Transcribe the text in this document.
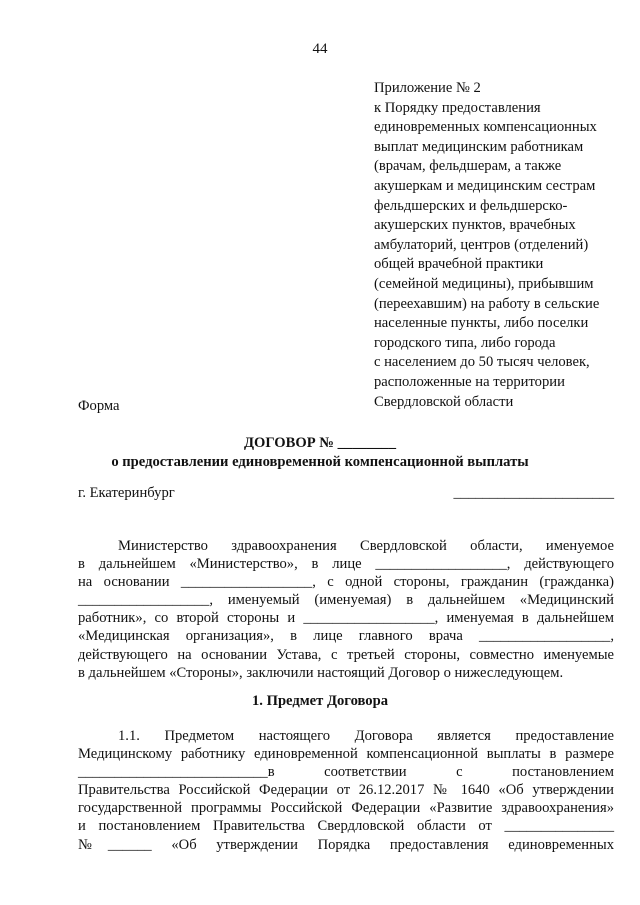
44
Приложение № 2
к Порядку предоставления
единовременных компенсационных
выплат медицинским работникам
(врачам, фельдшерам, а также
акушеркам и медицинским сестрам
фельдшерских и фельдшерско-
акушерских пунктов, врачебных
амбулаторий, центров (отделений)
общей врачебной практики
(семейной медицины), прибывшим
(переехавшим) на работу в сельские
населенные пункты, либо поселки
городского типа, либо города
с населением до 50 тысяч человек,
расположенные на территории
Свердловской области
Форма
ДОГОВОР № ________
о предоставлении единовременной компенсационной выплаты
г. Екатеринбург	______________________
Министерство здравоохранения Свердловской области, именуемое
в дальнейшем «Министерство», в лице __________________, действующего
на основании __________________, с одной стороны, гражданин (гражданка)
__________________, именуемый (именуемая) в дальнейшем «Медицинский
работник», со второй стороны и __________________, именуемая в дальнейшем
«Медицинская организация», в лице главного врача __________________,
действующего на основании Устава, с третьей стороны, совместно именуемые
в дальнейшем «Стороны», заключили настоящий Договор о нижеследующем.
1. Предмет Договора
1.1. Предметом настоящего Договора является предоставление
Медицинскому работнику единовременной компенсационной выплаты в размере
__________________________в соответствии с постановлением
Правительства Российской Федерации от 26.12.2017 № 1640 «Об утверждении
государственной программы Российской Федерации «Развитие здравоохранения»
и постановлением Правительства Свердловской области от _______________
№______ «Об утверждении Порядка предоставления единовременных
